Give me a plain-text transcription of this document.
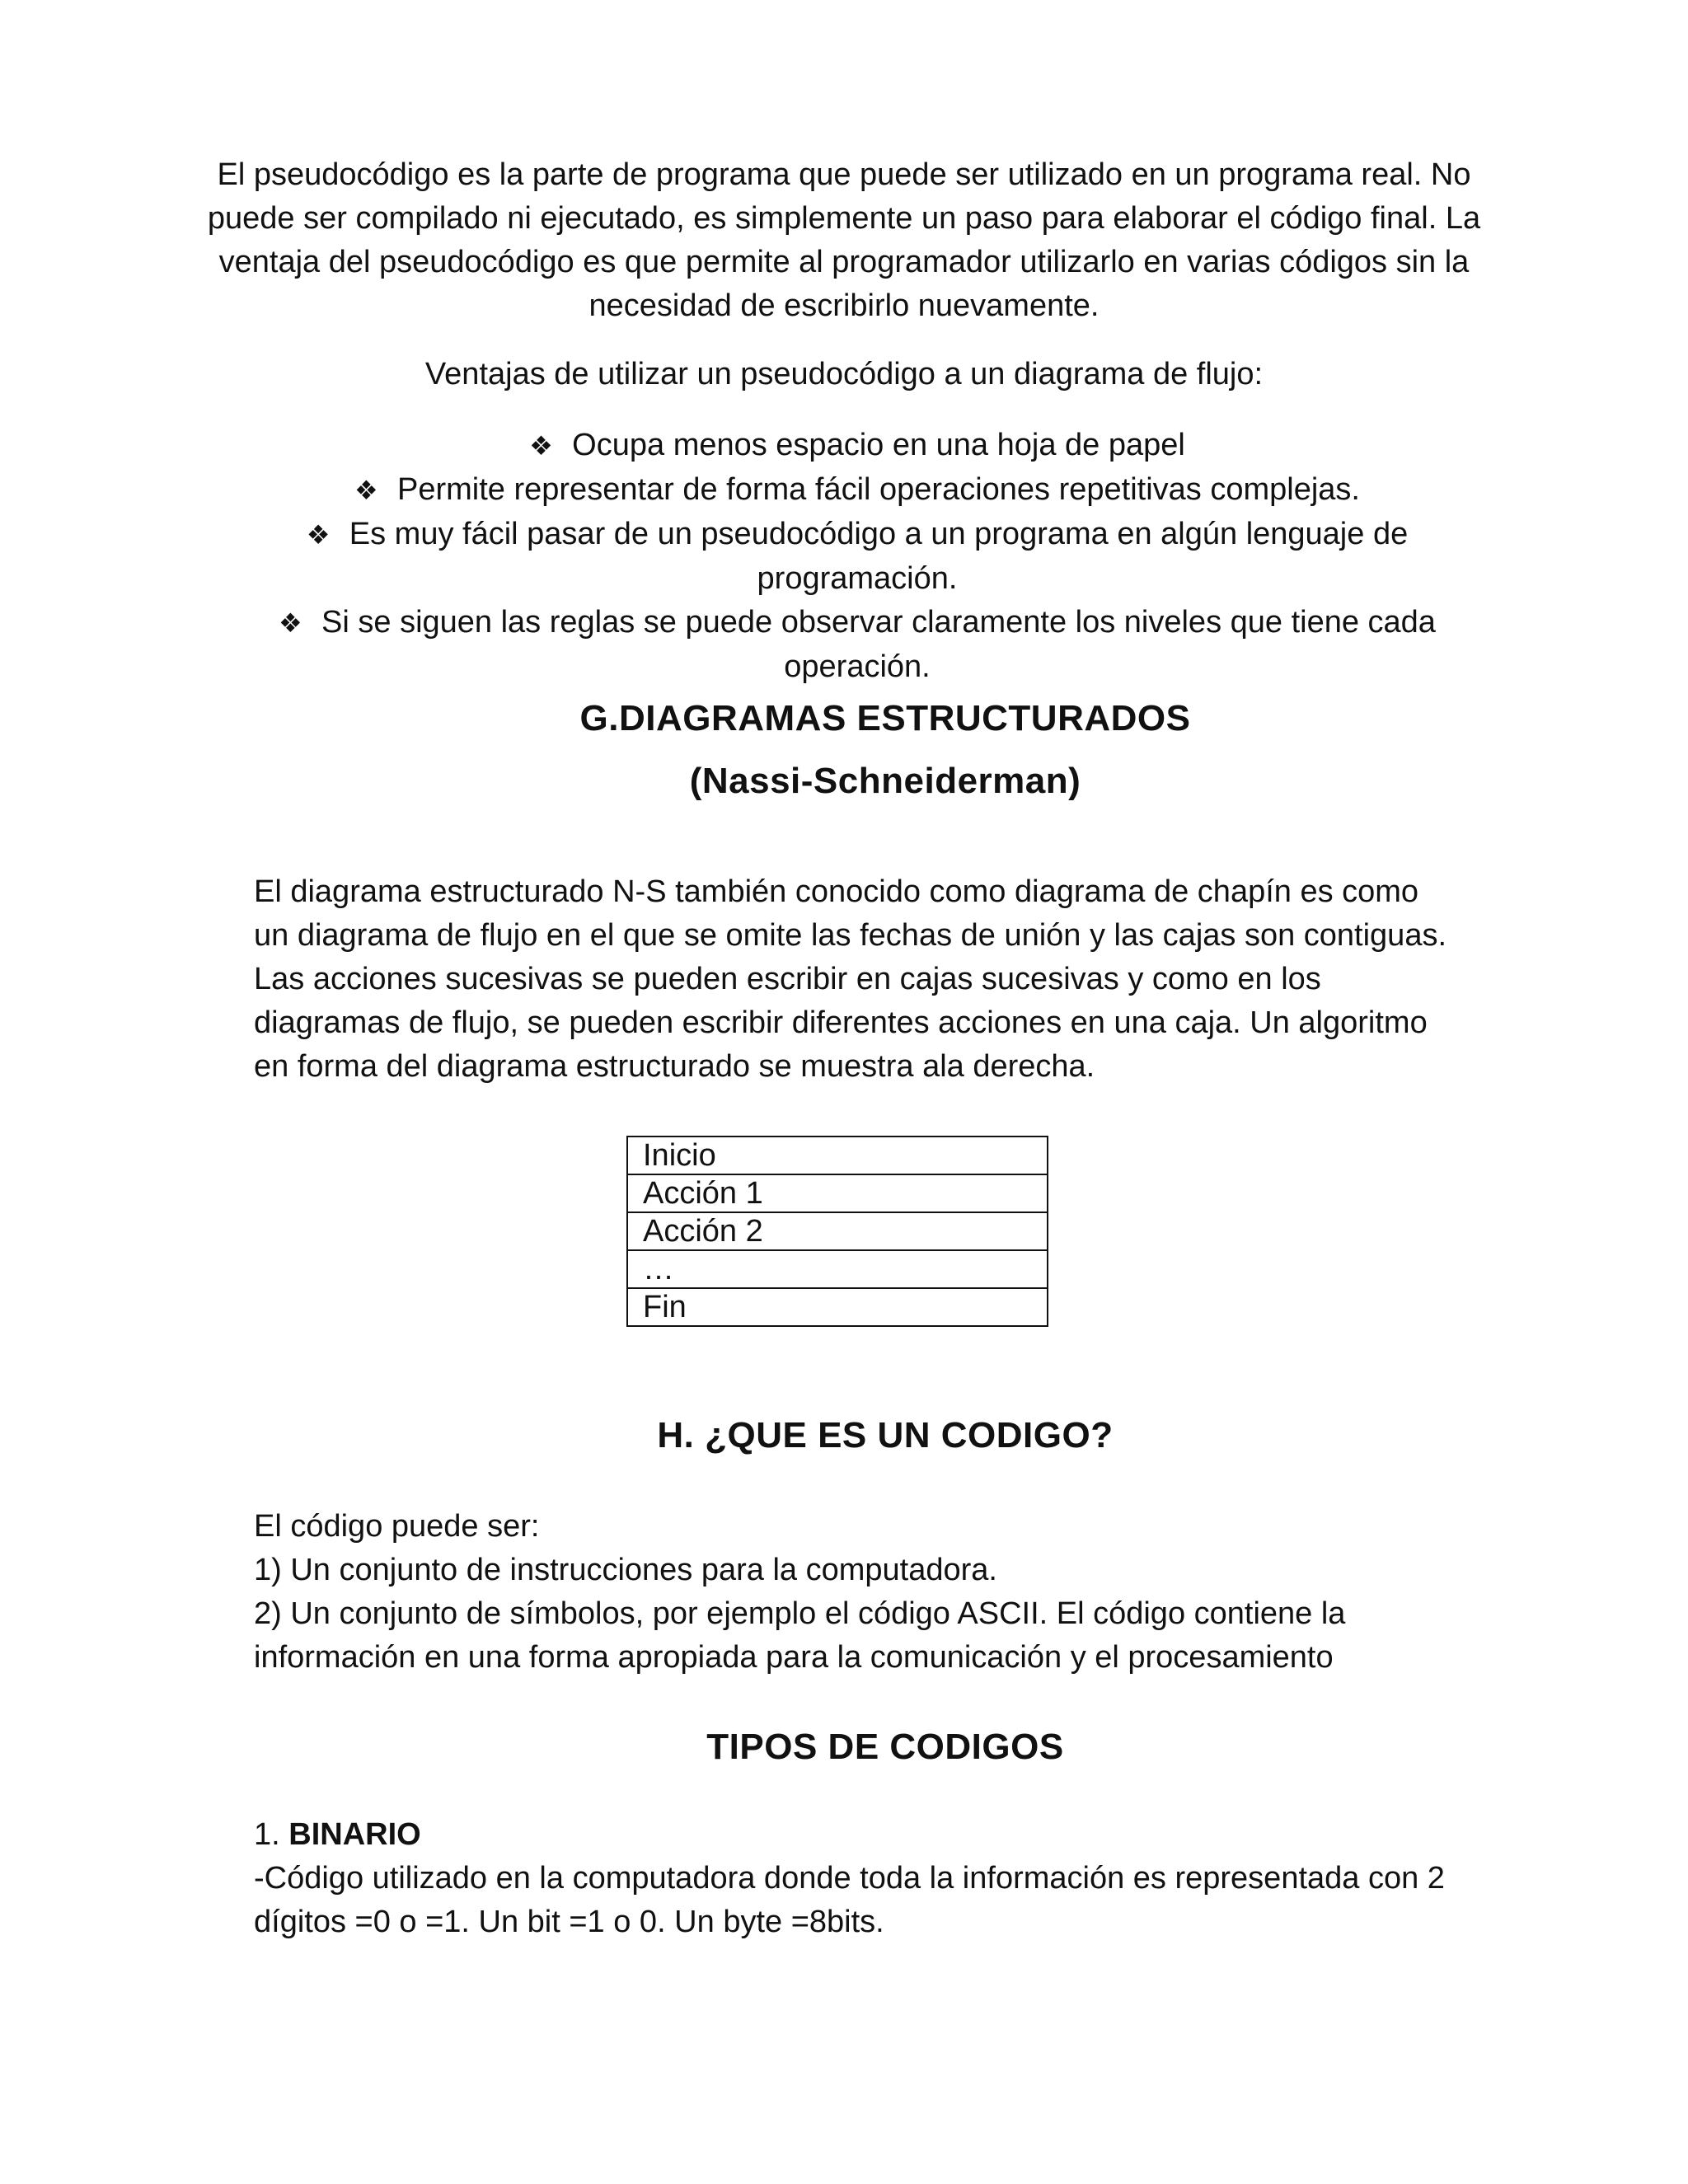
El pseudocódigo es la parte de programa que puede ser utilizado en un programa real. No
puede ser compilado ni ejecutado, es simplemente un paso para elaborar el código final. La
ventaja del pseudocódigo es que permite al programador utilizarlo en varias códigos sin la
necesidad de escribirlo nuevamente.
Ventajas de utilizar un pseudocódigo a un diagrama de flujo:
❖ Ocupa menos espacio en una hoja de papel
❖ Permite representar de forma fácil operaciones repetitivas complejas.
❖ Es muy fácil pasar de un pseudocódigo a un programa en algún lenguaje de
programación.
❖ Si se siguen las reglas se puede observar claramente los niveles que tiene cada
operación.
G.DIAGRAMAS ESTRUCTURADOS
(Nassi-Schneiderman)
El diagrama estructurado N-S también conocido como diagrama de chapín es como
un diagrama de flujo en el que se omite las fechas de unión y las cajas son contiguas.
Las acciones sucesivas se pueden escribir en cajas sucesivas y como en los
diagramas de flujo, se pueden escribir diferentes acciones en una caja. Un algoritmo
en forma del diagrama estructurado se muestra ala derecha.
Inicio
Acción 1
Acción 2
…
Fin
H. ¿QUE ES UN CODIGO?
El código puede ser:
1) Un conjunto de instrucciones para la computadora.
2) Un conjunto de símbolos, por ejemplo el código ASCII. El código contiene la
información en una forma apropiada para la comunicación y el procesamiento
TIPOS DE CODIGOS
1. BINARIO
-Código utilizado en la computadora donde toda la información es representada con 2
dígitos =0 o =1. Un bit =1 o 0. Un byte =8bits.
